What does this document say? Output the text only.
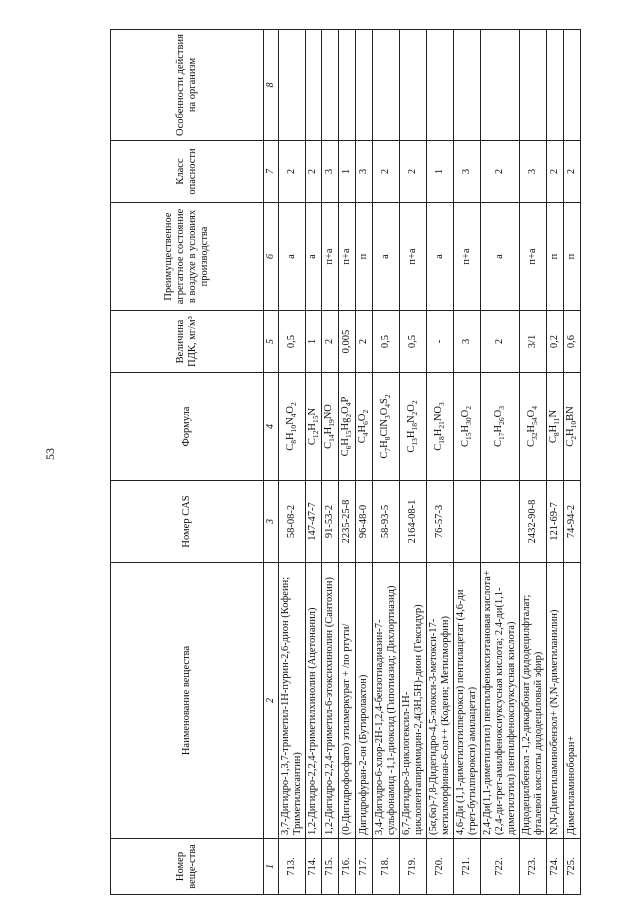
53
Номер веще-ства	Наименование вещества	Номер CAS	Формула	Величина ПДК, мг/м³	Преимущественное агрегатное состояние в воздухе в условиях производства	Класс опасности	Особенности действия на организм
1	2	3	4	5	6	7	8
713.	3,7-Дигидро-1,3,7-триметил-1Н-пурин-2,6-дион (Кофеин; Триметилксантин)	58-08-2	$C_8H_{10}N_4O_2$	0,5	а	2	
714.	1,2-Дигидро-2,2,4-триметилхинолин (Ацетонанил)	147-47-7	$C_{12}H_{15}N$	1	а	2	
715.	1,2-Дигидро-2,2,4-триметил-6-этоксихинолин (Сантохин)	91-53-2	$C_{14}H_{19}NO$	2	п+а	3	
716.	(0-Дигидрофосфато) этилмеркурат + /по ртути/	2235-25-8	$C_6H_{15}Hg_2O_4P$	0,005	п+а	1	
717.	Дигидрофуран-2-он (Бутиролактон)	96-48-0	$C_4H_6O_2$	2	п	3	
718.	3,4-Дигидро-6-хлор-2Н-1,2,4-бензотиадиазин-7-сульфонамид -1,1-диоксид (Гипотиазид; Дихлортиазид)	58-93-5	$C_7H_8ClN_3O_4S_2$	0,5	а	2	
719.	6,7-Дигидро-3-циклогексил-1Н- циклопентапиримидин-2,4(3Н,5Н)-дион (Гексидур)	2164-08-1	$C_{13}H_{18}N_2O_2$	0,5	п+а	2	
720.	(5α,6α)-7,8-Дидегидро-4,5-эпокси-3-метокси-17-метилморфинан-6-ол++ (Кодеин; Метилморфин)	76-57-3	$C_{18}H_{21}NO_3$	-	а	1	
721.	4,6-Ди (1,1-диметилэтилперокси) пентилацетат (4,6-ди (трет-бутилперокси) амилацетат)		$C_{15}H_{30}O_2$	3	п+а	3	
722.	2,4-Ди(1,1-диметилэтил) пентилфеноксиэтановая кислота+ (2,4-ди-трет-амилфеноксиуксусная кислота; 2,4-ди(1,1-диметилэтил) пентилфеноксиуксусная кислота)		$C_{17}H_{26}O_3$	2	а	2	
723.	Дидодецилбензол -1,2-дикарбонат (дидодецилфталат; фталевой кислоты дидодециловый эфир)	2432-90-8	$C_{32}H_{54}O_4$	3/1	п+а	3	
724.	N,N-Диметиламинобензол+ (N,N-диметиланилин)	121-69-7	$C_8H_{11}N$	0,2	п	2	
725.	Диметиламиноборан+	74-94-2	$C_2H_{10}BN$	0,6	п	2	
